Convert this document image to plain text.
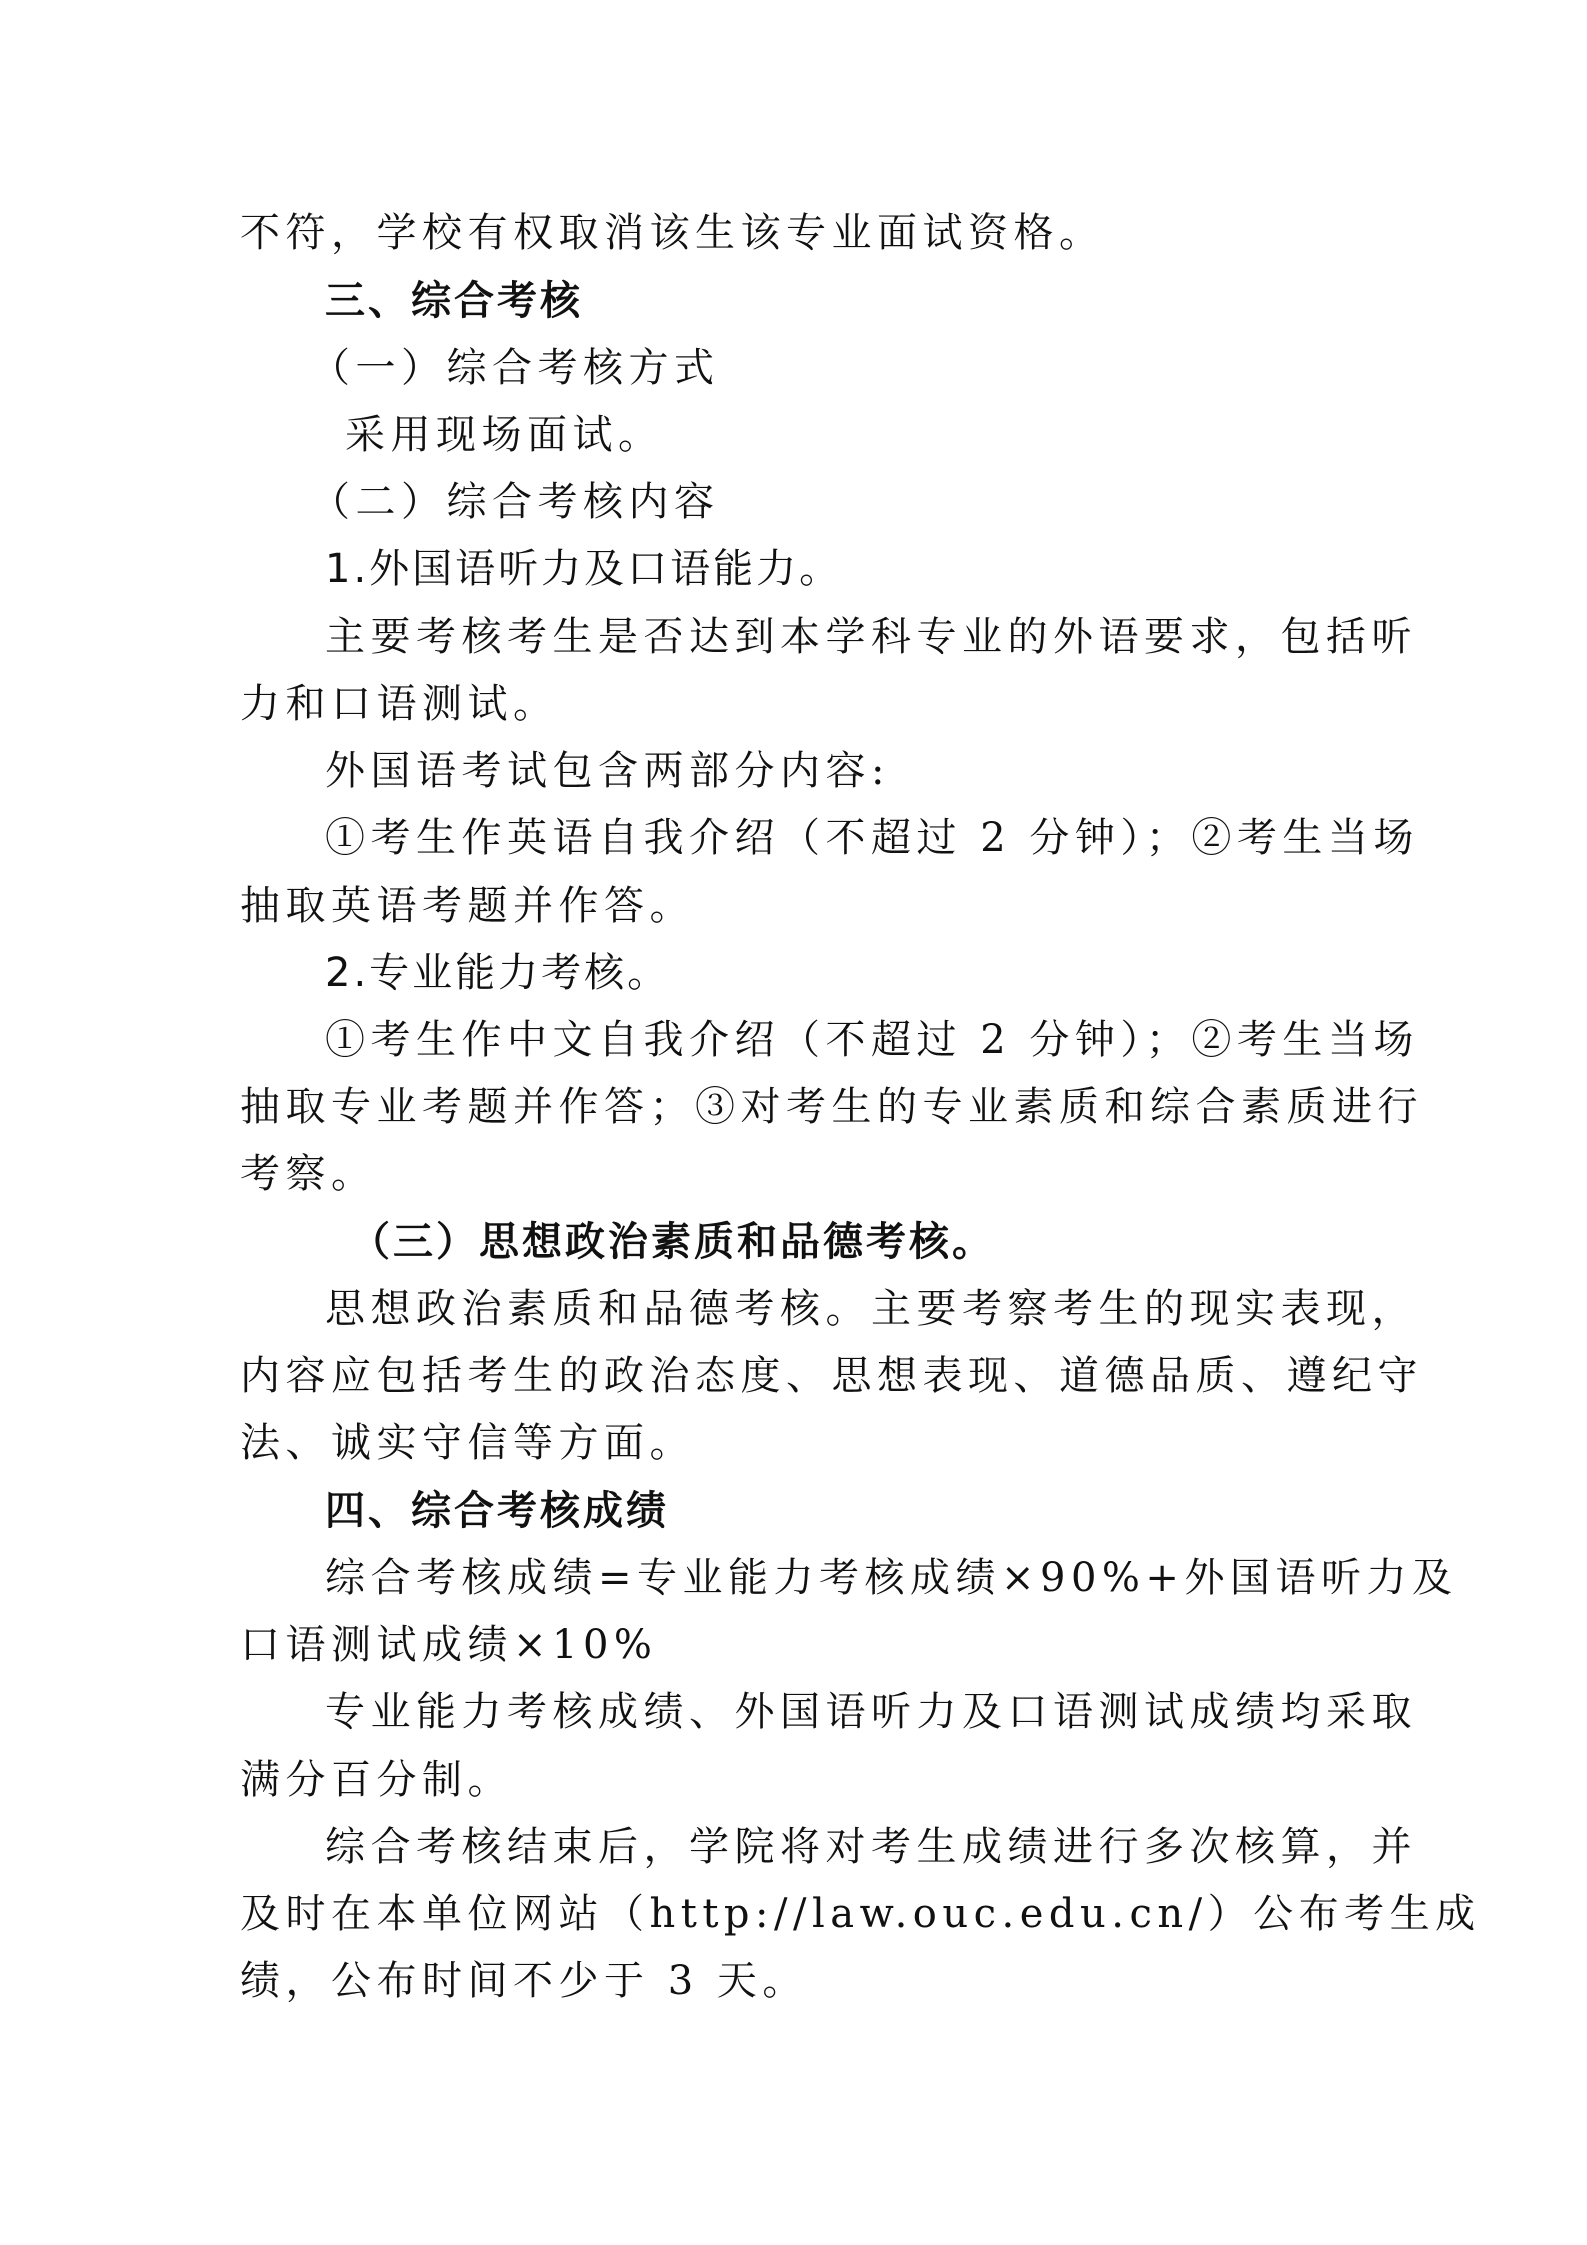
不符，学校有权取消该生该专业面试资格。
三、综合考核
（一）综合考核方式
采用现场面试。
（二）综合考核内容
1.外国语听力及口语能力。
主要考核考生是否达到本学科专业的外语要求，包括听
力和口语测试。
外国语考试包含两部分内容:
①考生作英语自我介绍（不超过 2 分钟）；②考生当场
抽取英语考题并作答。
2.专业能力考核。
①考生作中文自我介绍（不超过 2 分钟）；②考生当场
抽取专业考题并作答；③对考生的专业素质和综合素质进行
考察。
（三）思想政治素质和品德考核。
思想政治素质和品德考核。主要考察考生的现实表现，
内容应包括考生的政治态度、思想表现、道德品质、遵纪守
法、诚实守信等方面。
四、综合考核成绩
综合考核成绩=专业能力考核成绩×90%+外国语听力及
口语测试成绩×10%
专业能力考核成绩、外国语听力及口语测试成绩均采取
满分百分制。
综合考核结束后，学院将对考生成绩进行多次核算，并
及时在本单位网站（http://law.ouc.edu.cn/）公布考生成
绩，公布时间不少于 3 天。
